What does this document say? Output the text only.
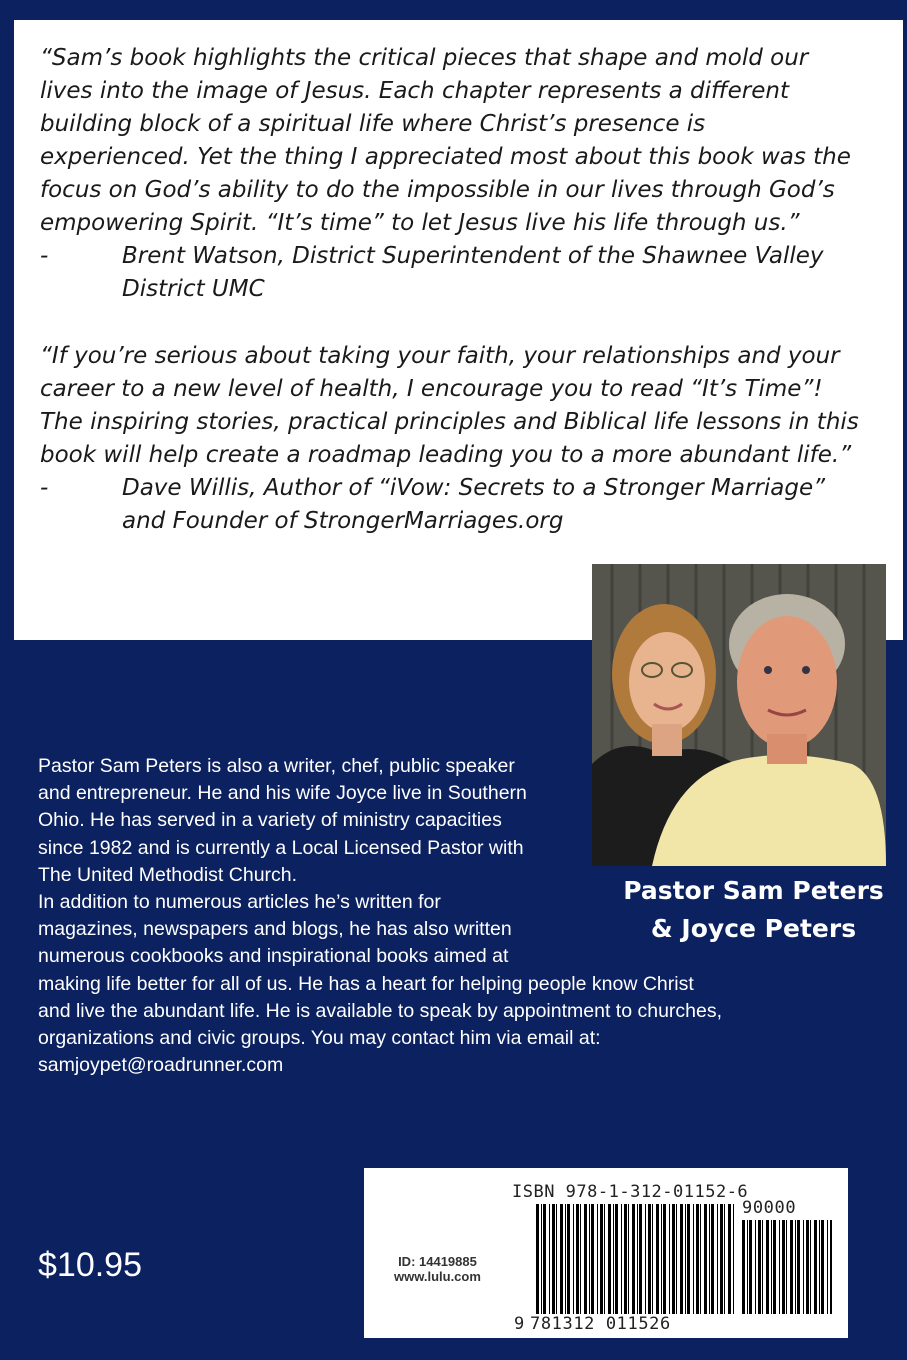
“Sam’s book highlights the critical pieces that shape and mold our lives into the image of Jesus. Each chapter represents a different building block of a spiritual life where Christ’s presence is experienced. Yet the thing I appreciated most about this book was the focus on God’s ability to do the impossible in our lives through God’s empowering Spirit. “It’s time” to let Jesus live his life through us.”

-	Brent Watson, District Superintendent of the Shawnee Valley District UMC

“If you’re serious about taking your faith, your relationships and your career to a new level of health, I encourage you to read “It’s Time”! The inspiring stories, practical principles and Biblical life lessons in this book will help create a roadmap leading you to a more abundant life.”

-	Dave Willis, Author of “iVow: Secrets to a Stronger Marriage” and Founder of StrongerMarriages.org
Pastor Sam Peters
& Joyce Peters

Pastor Sam Peters is also a writer, chef, public speaker

and entrepreneur. He and his wife Joyce live in Southern

Ohio. He has served in a variety of ministry capacities

since 1982 and is currently a Local Licensed Pastor with

The United Methodist Church.

In addition to numerous articles he’s written for

magazines, newspapers and blogs, he has also written

numerous cookbooks and inspirational books aimed at

making life better for all of us. He has a heart for helping people know Christ

and live the abundant life. He is available to speak by appointment to churches,

organizations and civic groups. You may contact him via email at:

samjoypet@roadrunner.com

$10.95
ISBN 978-1-312-01152-6
90000
ID: 14419885
www.lulu.com
9 781312 011526
